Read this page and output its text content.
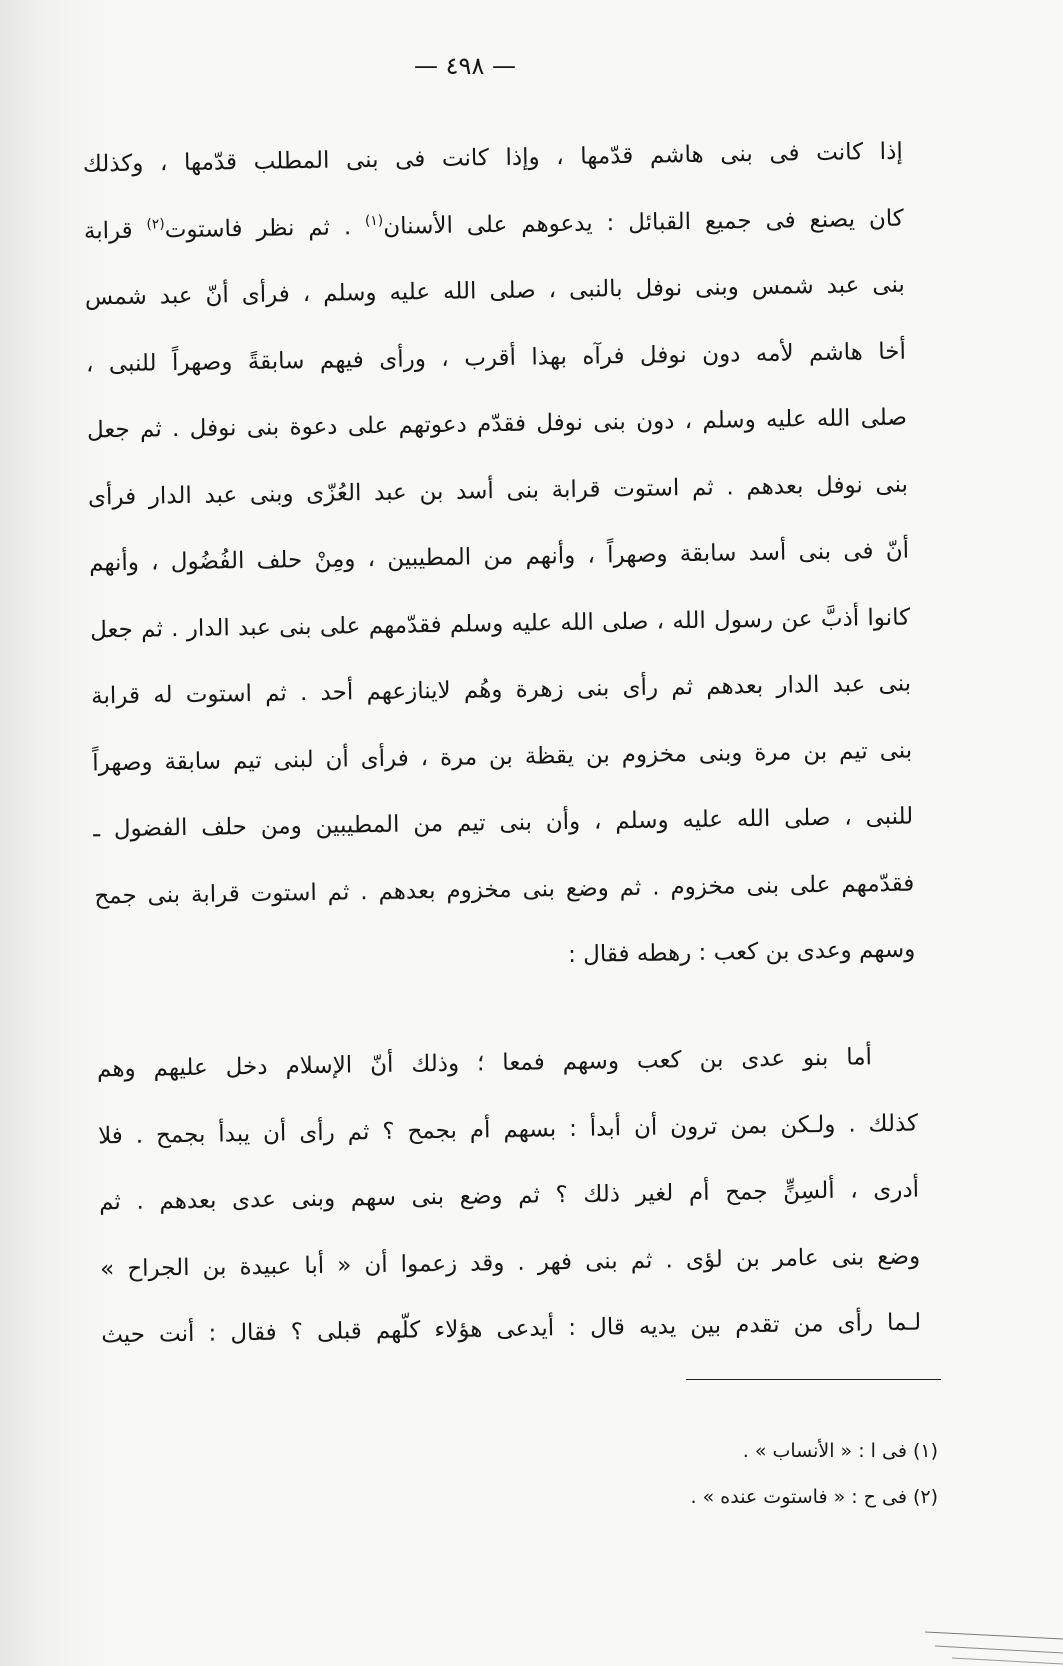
— ٤٩٨ —
إذا كانت فى بنى هاشم قدّمها ، وإذا كانت فى بنى المطلب قدّمها ، وكذلك
كان يصنع فى جميع القبائل : يدعوهم على الأسنان$^{(١)}$ . ثم نظر فاستوت$^{(٢)}$ قرابة
بنى عبد شمس وبنى نوفل بالنبى ، صلى الله عليه وسلم ، فرأى أنّ عبد شمس
أخا هاشم لأمه دون نوفل فرآه بهذا أقرب ، ورأى فيهم سابقةً وصهراً للنبى ،
صلى الله عليه وسلم ، دون بنى نوفل فقدّم دعوتهم على دعوة بنى نوفل . ثم جعل
بنى نوفل بعدهم . ثم استوت قرابة بنى أسد بن عبد العُزّى وبنى عبد الدار فرأى
أنّ فى بنى أسد سابقة وصهراً ، وأنهم من المطيبين ، ومِنْ حلف الفُضُول ، وأنهم
كانوا أذبَّ عن رسول الله ، صلى الله عليه وسلم فقدّمهم على بنى عبد الدار . ثم جعل
بنى عبد الدار بعدهم ثم رأى بنى زهرة وهُم لاينازعهم أحد . ثم استوت له قرابة
بنى تيم بن مرة وبنى مخزوم بن يقظة بن مرة ، فرأى أن لبنى تيم سابقة وصهراً
للنبى ، صلى الله عليه وسلم ، وأن بنى تيم من المطيبين ومن حلف الفضول ـ
فقدّمهم على بنى مخزوم . ثم وضع بنى مخزوم بعدهم . ثم استوت قرابة بنى جمح
وسهم وعدى بن كعب : رهطه فقال :
أما بنو عدى بن كعب وسهم فمعا ؛ وذلك أنّ الإسلام دخل عليهم وهم
كذلك . ولـكن بمن ترون أن أبدأ : بسهم أم بجمح ؟ ثم رأى أن يبدأ بجمح . فلا
أدرى ، ألسِنٍّ جمح أم لغير ذلك ؟ ثم وضع بنى سهم وبنى عدى بعدهم . ثم
وضع بنى عامر بن لؤى . ثم بنى فهر . وقد زعموا أن « أبا عبيدة بن الجراح »
لـما رأى من تقدم بين يديه قال : أيدعى هؤلاء كلّهم قبلى ؟ فقال : أنت حيث
(١) فى ا : « الأنساب » .
(٢) فى ح : « فاستوت عنده » .
